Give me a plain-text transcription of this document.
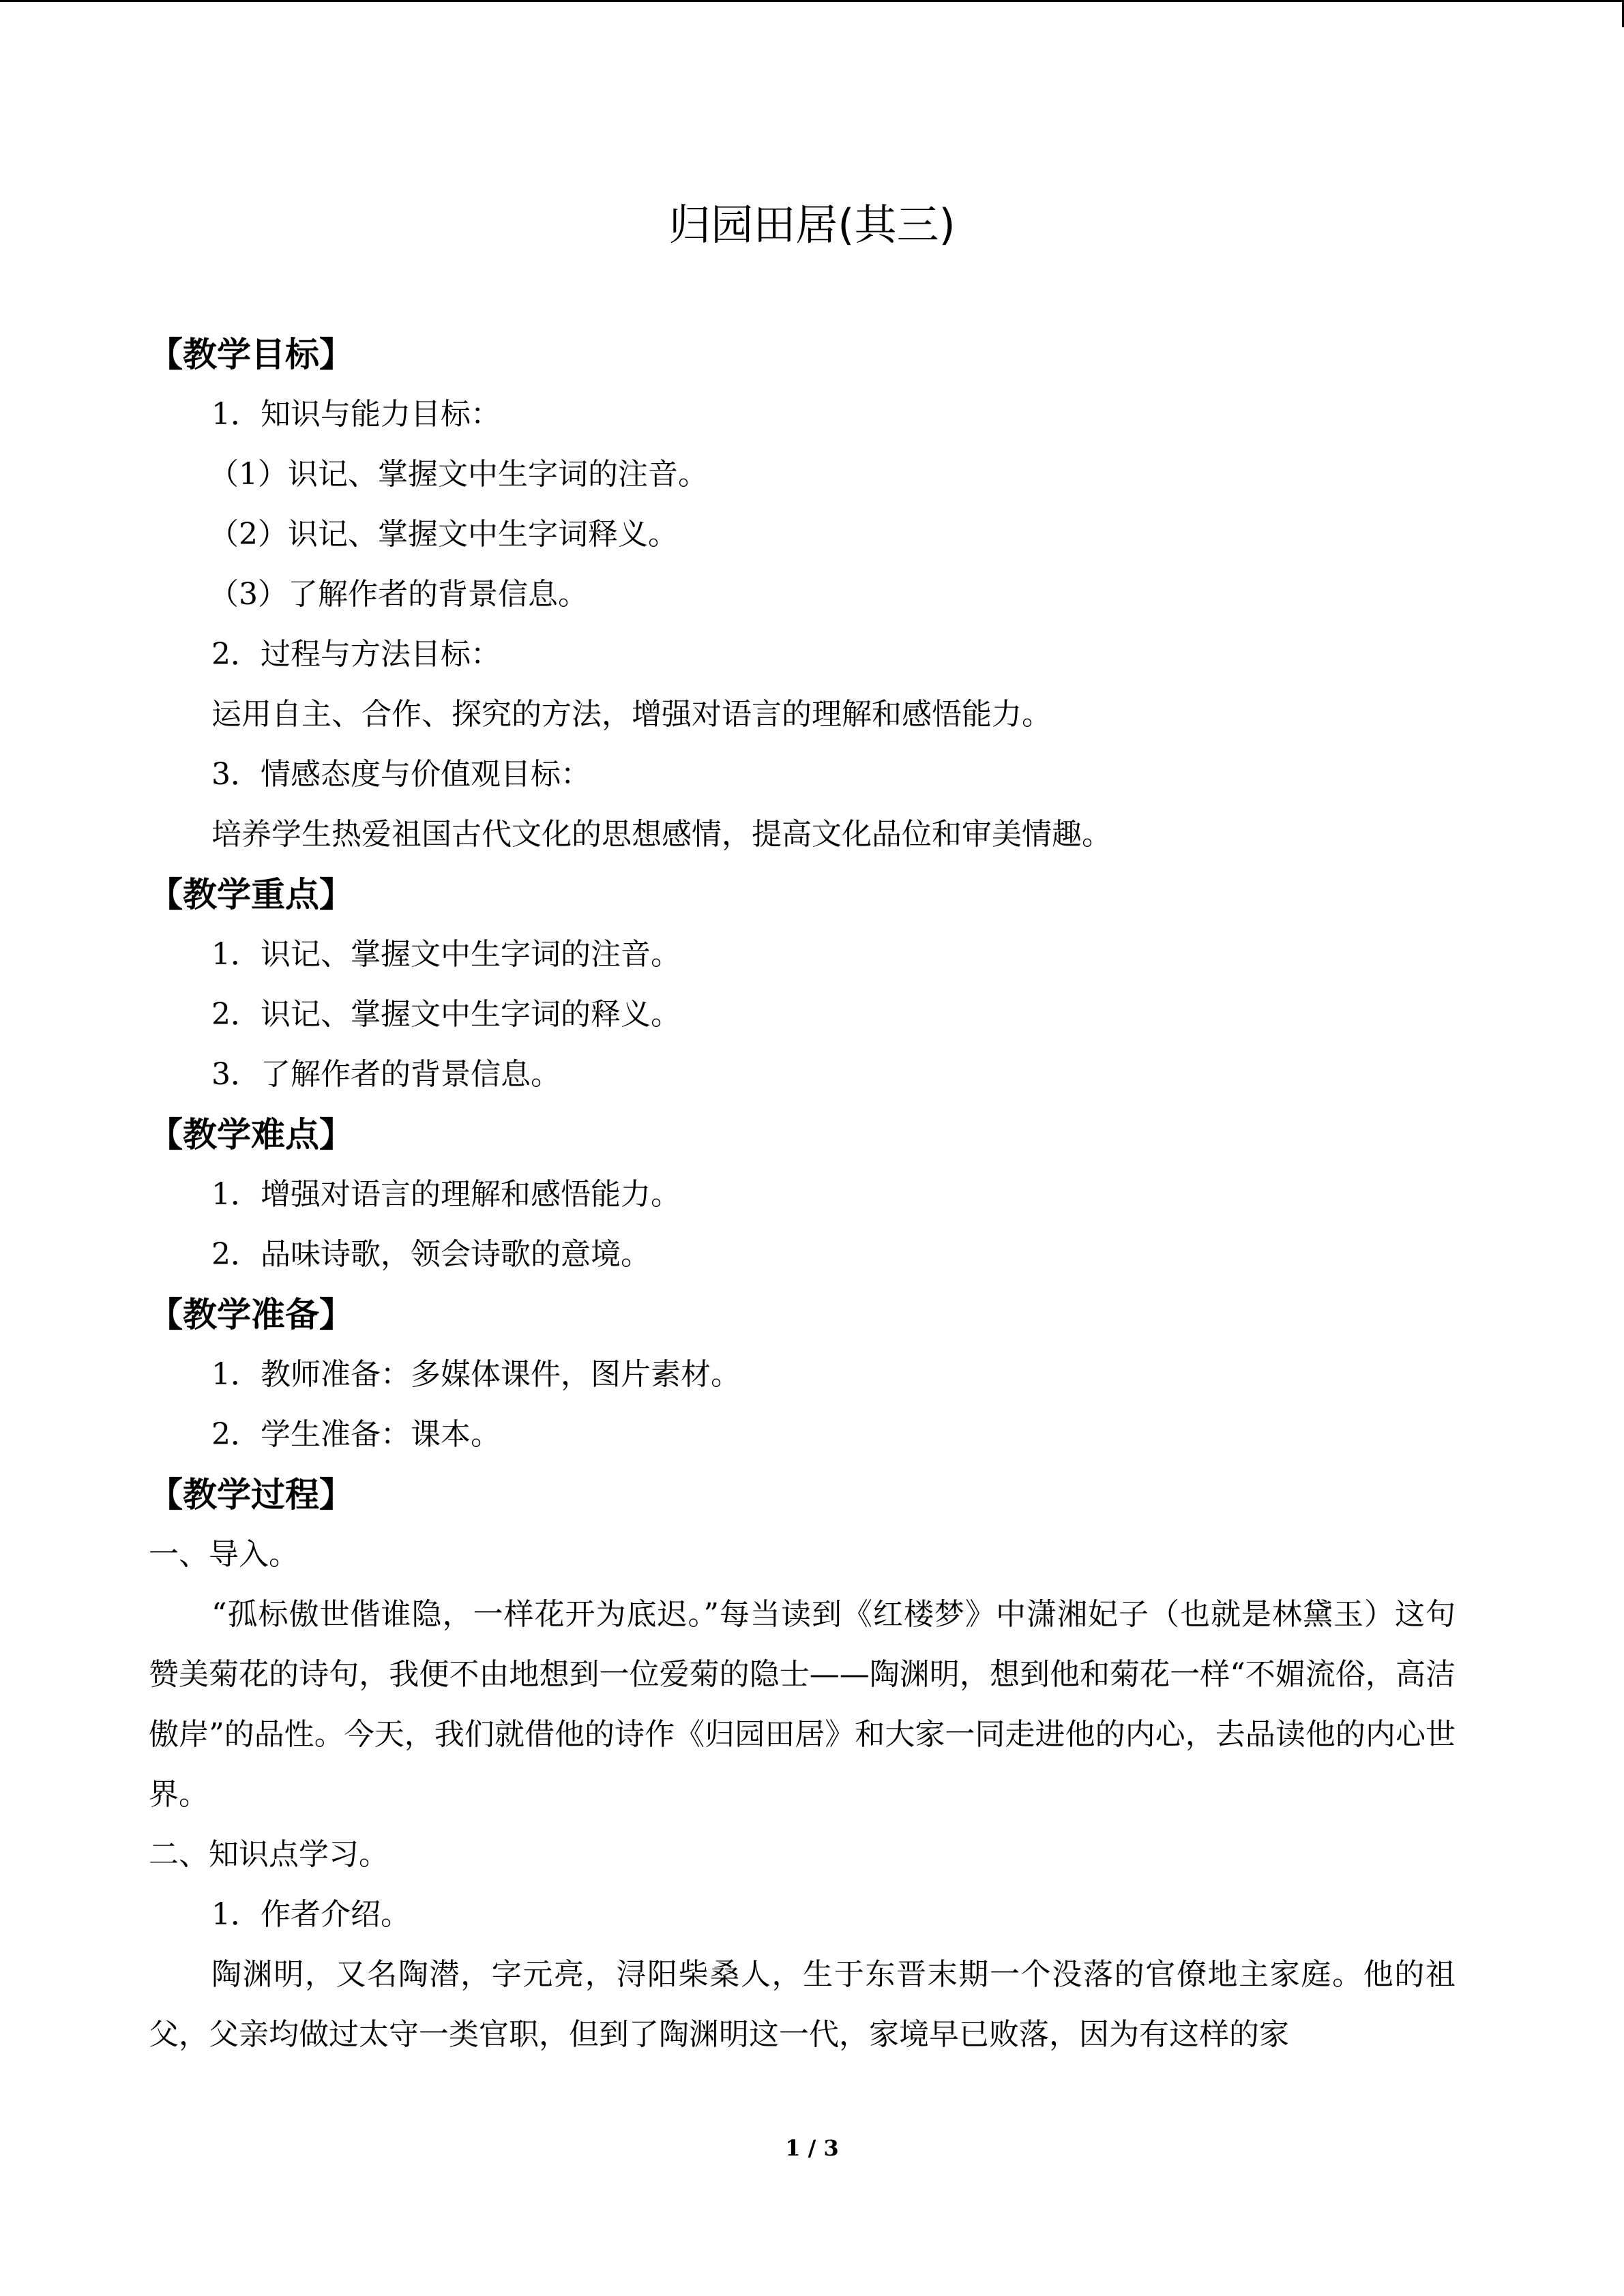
归园田居(其三)
【教学目标】
1．知识与能力目标：
（1）识记、掌握文中生字词的注音。
（2）识记、掌握文中生字词释义。
（3）了解作者的背景信息。
2．过程与方法目标：
运用自主、合作、探究的方法，增强对语言的理解和感悟能力。
3．情感态度与价值观目标：
培养学生热爱祖国古代文化的思想感情，提高文化品位和审美情趣。
【教学重点】
1．识记、掌握文中生字词的注音。
2．识记、掌握文中生字词的释义。
3．了解作者的背景信息。
【教学难点】
1．增强对语言的理解和感悟能力。
2．品味诗歌，领会诗歌的意境。
【教学准备】
1．教师准备：多媒体课件，图片素材。
2．学生准备：课本。
【教学过程】
一、导入。

“孤标傲世偕谁隐，一样花开为底迟。”每当读到《红楼梦》中潇湘妃子（也就是林黛玉）这句赞美菊花的诗句，我便不由地想到一位爱菊的隐士——陶渊明，想到他和菊花一样“不媚流俗，高洁傲岸”的品性。今天，我们就借他的诗作《归园田居》和大家一同走进他的内心，去品读他的内心世界。

二、知识点学习。
1．作者介绍。

陶渊明，又名陶潜，字元亮，浔阳柴桑人，生于东晋末期一个没落的官僚地主家庭。他的祖父，父亲均做过太守一类官职，但到了陶渊明这一代，家境早已败落，因为有这样的家

1 / 3
